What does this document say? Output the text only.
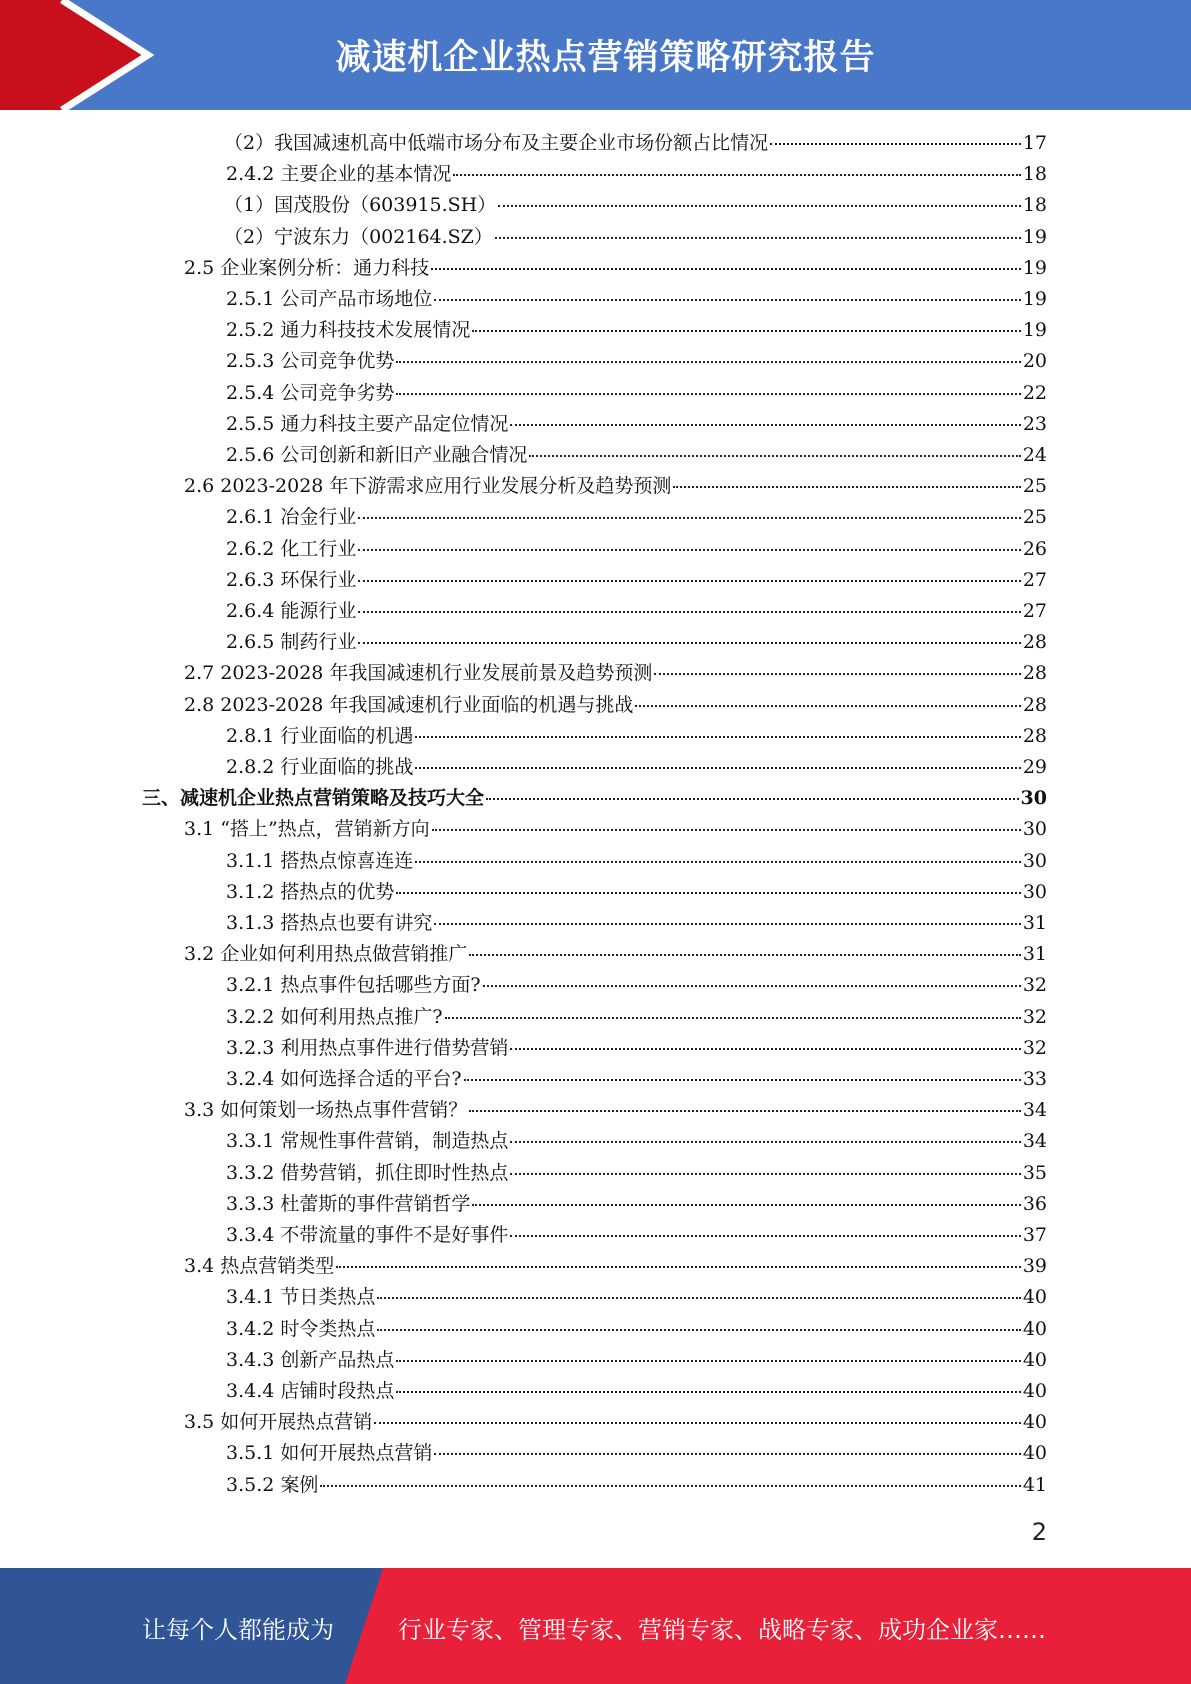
减速机企业热点营销策略研究报告
（2）我国减速机高中低端市场分布及主要企业市场份额占比情况	17
2.4.2 主要企业的基本情况	18
（1）国茂股份（603915.SH）	18
（2）宁波东力（002164.SZ）	19
2.5 企业案例分析：通力科技	19
2.5.1 公司产品市场地位	19
2.5.2 通力科技技术发展情况	19
2.5.3 公司竞争优势	20
2.5.4 公司竞争劣势	22
2.5.5 通力科技主要产品定位情况	23
2.5.6 公司创新和新旧产业融合情况	24
2.6 2023-2028 年下游需求应用行业发展分析及趋势预测	25
2.6.1 冶金行业	25
2.6.2 化工行业	26
2.6.3 环保行业	27
2.6.4 能源行业	27
2.6.5 制药行业	28
2.7 2023-2028 年我国减速机行业发展前景及趋势预测	28
2.8 2023-2028 年我国减速机行业面临的机遇与挑战	28
2.8.1 行业面临的机遇	28
2.8.2 行业面临的挑战	29
三、减速机企业热点营销策略及技巧大全	30
3.1 “搭上”热点，营销新方向	30
3.1.1 搭热点惊喜连连	30
3.1.2 搭热点的优势	30
3.1.3 搭热点也要有讲究	31
3.2 企业如何利用热点做营销推广	31
3.2.1 热点事件包括哪些方面?	32
3.2.2 如何利用热点推广?	32
3.2.3 利用热点事件进行借势营销	32
3.2.4 如何选择合适的平台?	33
3.3 如何策划一场热点事件营销？	34
3.3.1 常规性事件营销，制造热点	34
3.3.2 借势营销，抓住即时性热点	35
3.3.3 杜蕾斯的事件营销哲学	36
3.3.4 不带流量的事件不是好事件	37
3.4 热点营销类型	39
3.4.1 节日类热点	40
3.4.2 时令类热点	40
3.4.3 创新产品热点	40
3.4.4 店铺时段热点	40
3.5 如何开展热点营销	40
3.5.1 如何开展热点营销	40
3.5.2 案例	41
2
让每个人都能成为	行业专家、管理专家、营销专家、战略专家、成功企业家……
